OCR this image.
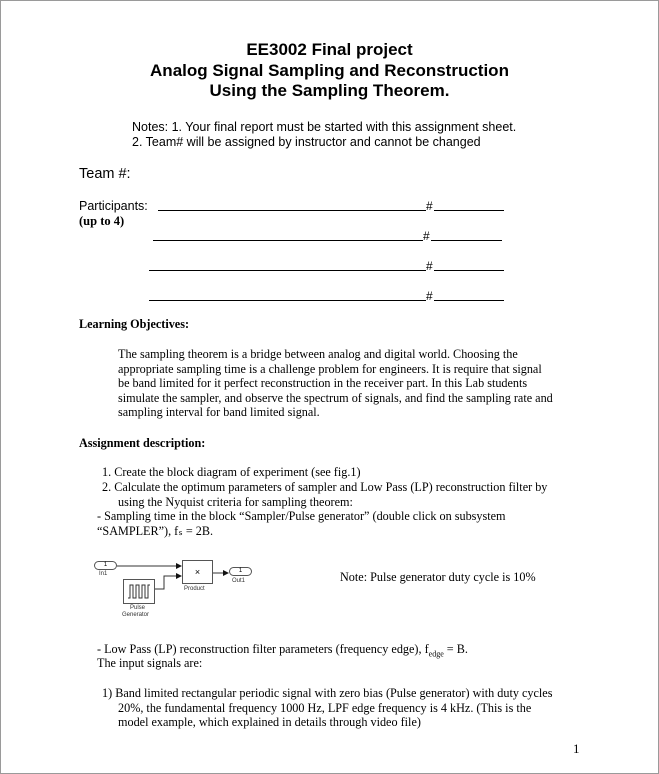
EE3002 Final project
Analog Signal Sampling and Reconstruction
Using the Sampling Theorem.
Notes: 1. Your final report must be started with this assignment sheet.
2. Team# will be assigned by instructor and cannot be changed
Team #:
Participants:
(up to 4)
#
#
#
#
Learning Objectives:
The sampling theorem is a bridge between analog and digital world. Choosing the
appropriate sampling time is a challenge problem for engineers. It is require that signal
be band limited for it perfect reconstruction in the receiver part. In this Lab students
simulate the sampler, and observe the spectrum of signals, and find the sampling rate and
sampling interval for band limited signal.
Assignment description:
1. Create the block diagram of experiment (see fig.1)
2. Calculate the optimum parameters of sampler and Low Pass (LP) reconstruction filter by
using the Nyquist criteria for sampling theorem:
- Sampling time in the block “Sampler/Pulse generator” (double click on subsystem
“SAMPLER”), fₛ = 2B.
1
In1	×
Product
1
Out1
Pulse
Generator
Note: Pulse generator duty cycle is 10%
- Low Pass (LP) reconstruction filter parameters (frequency edge), $f_{edge} = B$.
The input signals are:
1) Band limited rectangular periodic signal with zero bias (Pulse generator) with duty cycles
20%, the fundamental frequency 1000 Hz, LPF edge frequency is 4 kHz. (This is the
model example, which explained in details through video file)
1
